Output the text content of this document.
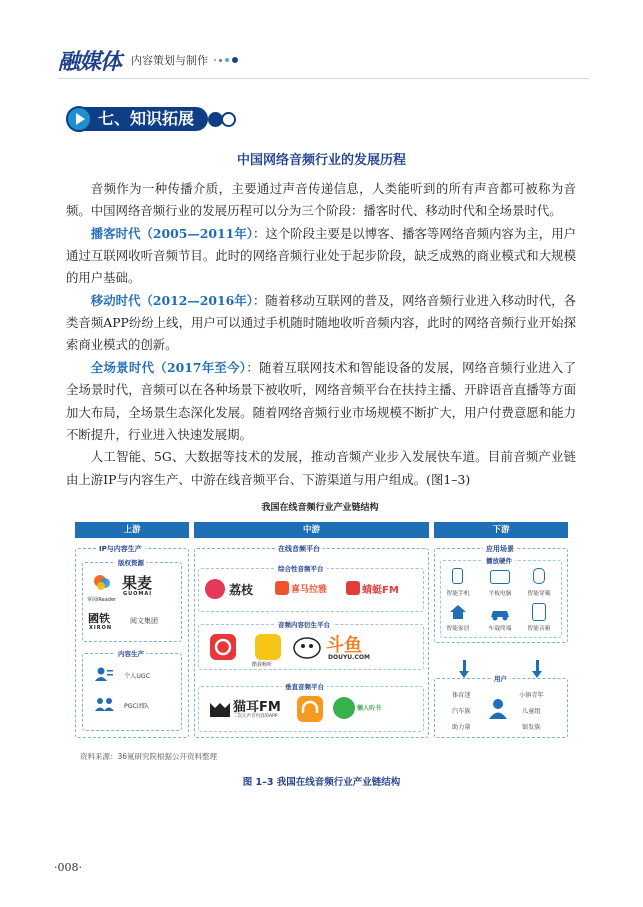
融媒体 内容策划与制作
七、知识拓展
中国网络音频行业的发展历程

音频作为一种传播介质，主要通过声音传递信息，人类能听到的所有声音都可被称为音频。中国网络音频行业的发展历程可以分为三个阶段：播客时代、移动时代和全场景时代。

播客时代（2005—2011年）：这个阶段主要是以博客、播客等网络音频内容为主，用户通过互联网收听音频节目。此时的网络音频行业处于起步阶段，缺乏成熟的商业模式和大规模的用户基础。

移动时代（2012—2016年）：随着移动互联网的普及，网络音频行业进入移动时代，各类音频APP纷纷上线，用户可以通过手机随时随地收听音频内容，此时的网络音频行业开始探索商业模式的创新。

全场景时代（2017年至今）：随着互联网技术和智能设备的发展，网络音频行业进入了全场景时代，音频可以在各种场景下被收听，网络音频平台在扶持主播、开辟语音直播等方面加大布局，全场景生态深化发展。随着网络音频行业市场规模不断扩大，用户付费意愿和能力不断提升，行业进入快速发展期。

人工智能、5G、大数据等技术的发展，推动音频产业步入发展快车道。目前音频产业链由上游IP与内容生产、中游在线音频平台、下游渠道与用户组成。(图1–3)

我国在线音频行业产业链结构
上游
IP与内容生产
版权资源
果麦
GUOMAI
掌阅iReader
國铁
XIRON
阅文集团
内容生产
个人UGC
PGC团队
中游
在线音频平台
综合性音频平台
荔枝	喜马拉雅	蜻蜓FM
音频内容衍生平台
酷我畅听
斗鱼
DOUYU.COM
垂直音频平台
猫耳FM
二次元声音内容的APP
懒人听书
下游
应用场景
播放硬件
智能手机	平板电脑	智能穿戴
智能家居	车载终端	智能音箱
用户
体育迷
汽车族
助力量
小镇青年
儿童组
银发族
资料来源：36氪研究院根据公开资料整理
图 1–3 我国在线音频行业产业链结构
·008·
